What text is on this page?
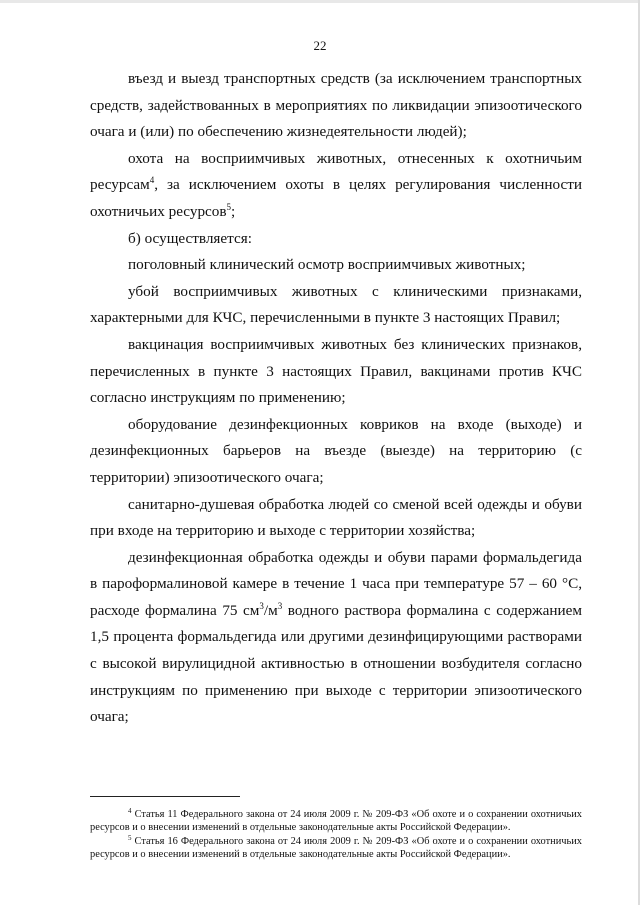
22

въезд и выезд транспортных средств (за исключением транспортных средств, задействованных в мероприятиях по ликвидации эпизоотического очага и (или) по обеспечению жизнедеятельности людей);

охота на восприимчивых животных, отнесенных к охотничьим ресурсам$^4$, за исключением охоты в целях регулирования численности охотничьих ресурсов$^5$;

б) осуществляется:

поголовный клинический осмотр восприимчивых животных;

убой восприимчивых животных с клиническими признаками, характерными для КЧС, перечисленными в пункте 3 настоящих Правил;

вакцинация восприимчивых животных без клинических признаков, перечисленных в пункте 3 настоящих Правил, вакцинами против КЧС согласно инструкциям по применению;

оборудование дезинфекционных ковриков на входе (выходе) и дезинфекционных барьеров на въезде (выезде) на территорию (с территории) эпизоотического очага;

санитарно-душевая обработка людей со сменой всей одежды и обуви при входе на территорию и выходе с территории хозяйства;

дезинфекционная обработка одежды и обуви парами формальдегида в пароформалиновой камере в течение 1 часа при температуре 57 – 60 °C, расходе формалина 75 $см^3/м^3$ водного раствора формалина с содержанием 1,5 процента формальдегида или другими дезинфицирующими растворами с высокой вирулицидной активностью в отношении возбудителя согласно инструкциям по применению при выходе с территории эпизоотического очага;

$^4$ Статья 11 Федерального закона от 24 июля 2009 г. № 209-ФЗ «Об охоте и о сохранении охотничьих ресурсов и о внесении изменений в отдельные законодательные акты Российской Федерации».

$^5$ Статья 16 Федерального закона от 24 июля 2009 г. № 209-ФЗ «Об охоте и о сохранении охотничьих ресурсов и о внесении изменений в отдельные законодательные акты Российской Федерации».
